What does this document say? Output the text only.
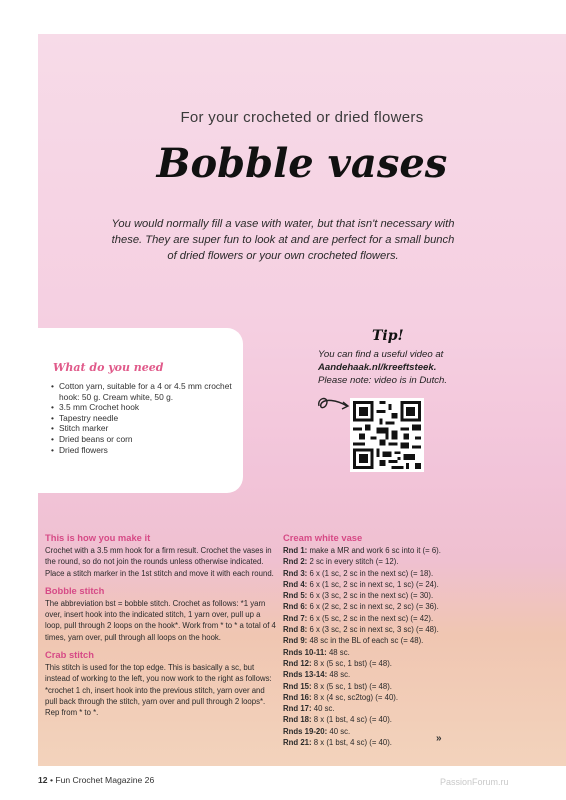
For your crocheted or dried flowers
Bobble vases
You would normally fill a vase with water, but that isn't necessary with these. They are super fun to look at and are perfect for a small bunch of dried flowers or your own crocheted flowers.
What do you need
• Cotton yarn, suitable for a 4 or 4.5 mm crochet hook: 50 g. Cream white, 50 g.
• 3.5 mm Crochet hook
• Tapestry needle
• Stitch marker
• Dried beans or corn
• Dried flowers
Tip!
You can find a useful video at
Aandehaak.nl/kreeftsteek.
Please note: video is in Dutch.
This is how you make it
Crochet with a 3.5 mm hook for a firm result. Crochet the vases in the round, so do not join the rounds unless otherwise indicated. Place a stitch marker in the 1st stitch and move it with each round.
Bobble stitch
The abbreviation bst = bobble stitch. Crochet as follows: *1 yarn over, insert hook into the indicated stitch, 1 yarn over, pull up a loop, pull through 2 loops on the hook*. Work from * to * a total of 4 times, yarn over, pull through all loops on the hook.
Crab stitch
This stitch is used for the top edge. This is basically a sc, but instead of working to the left, you now work to the right as follows: *crochet 1 ch, insert hook into the previous stitch, yarn over and pull back through the stitch, yarn over and pull through 2 loops*. Rep from * to *.
Cream white vase
Rnd 1: make a MR and work 6 sc into it (= 6).
Rnd 2: 2 sc in every stitch (= 12).
Rnd 3: 6 x (1 sc, 2 sc in the next sc) (= 18).
Rnd 4: 6 x (1 sc, 2 sc in next sc, 1 sc) (= 24).
Rnd 5: 6 x (3 sc, 2 sc in the next sc) (= 30).
Rnd 6: 6 x (2 sc, 2 sc in next sc, 2 sc) (= 36).
Rnd 7: 6 x (5 sc, 2 sc in the next sc) (= 42).
Rnd 8: 6 x (3 sc, 2 sc in next sc, 3 sc) (= 48).
Rnd 9: 48 sc in the BL of each sc (= 48).
Rnds 10-11: 48 sc.
Rnd 12: 8 x (5 sc, 1 bst) (= 48).
Rnds 13-14: 48 sc.
Rnd 15: 8 x (5 sc, 1 bst) (= 48).
Rnd 16: 8 x (4 sc, sc2tog) (= 40).
Rnd 17: 40 sc.
Rnd 18: 8 x (1 bst, 4 sc) (= 40).
Rnds 19-20: 40 sc.
Rnd 21: 8 x (1 bst, 4 sc) (= 40).	»
12 • Fun Crochet Magazine 26	PassionForum.ru
